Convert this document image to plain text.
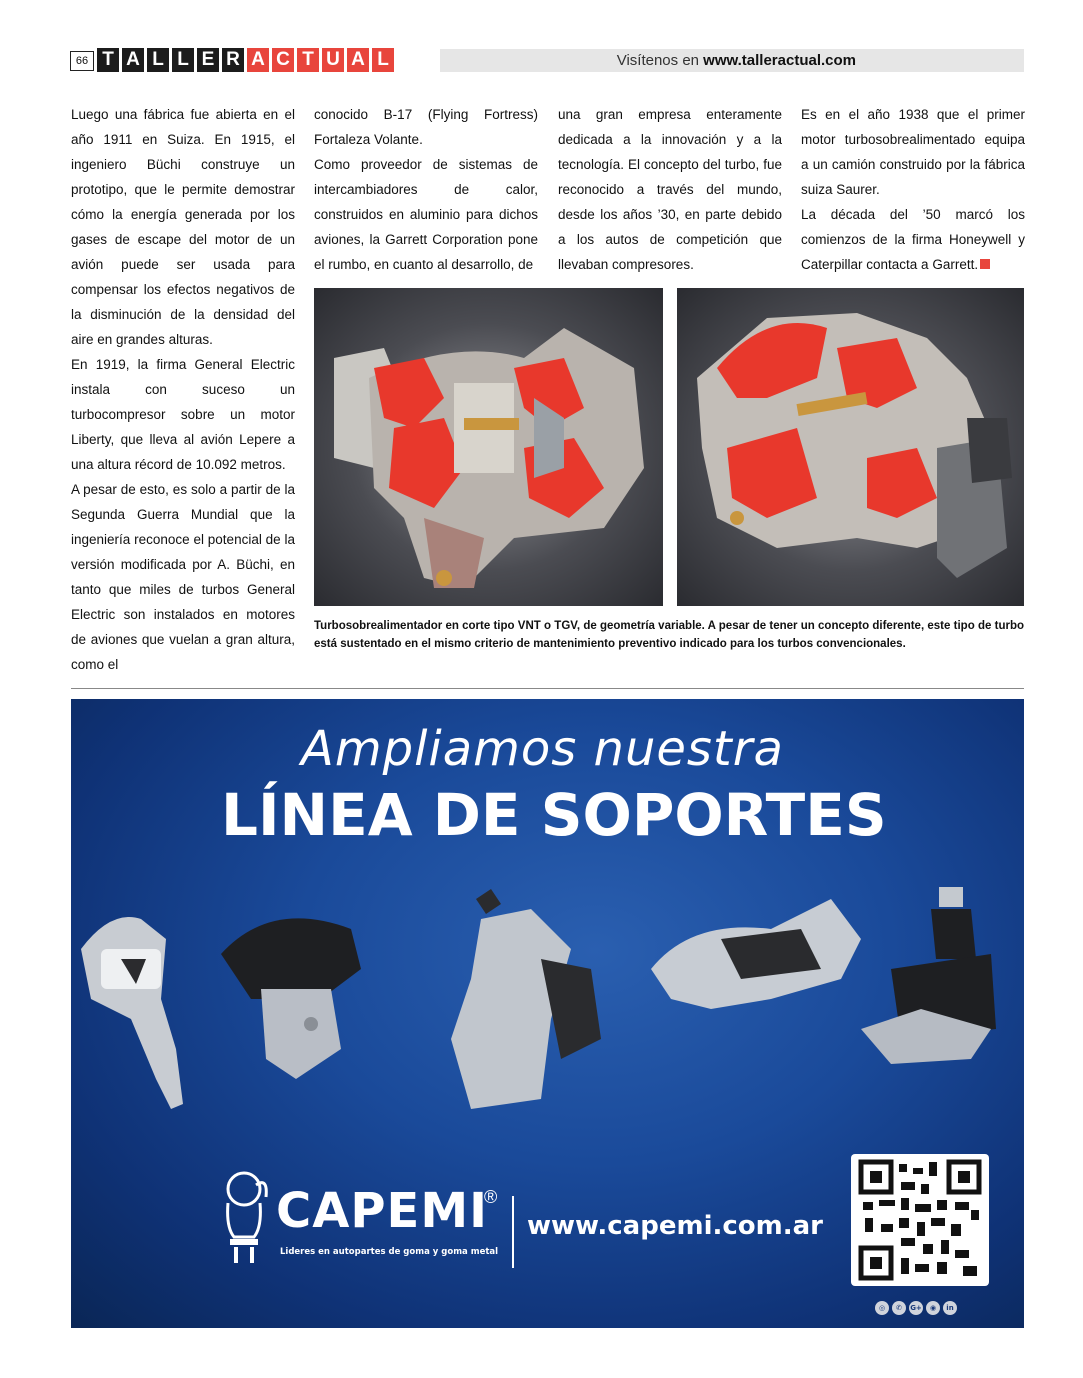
66 T A L L E R A C T U A L	Visítenos en www.talleractual.com

Luego una fábrica fue abierta en el año 1911 en Suiza. En 1915, el ingeniero Büchi construye un prototipo, que le permite demostrar cómo la energía generada por los gases de escape del motor de un avión puede ser usada para compensar los efectos negativos de la disminución de la densidad del aire en grandes alturas.

En 1919, la firma General Electric instala con suceso un turbocompresor sobre un motor Liberty, que lleva al avión Lepere a una altura récord de 10.092 metros.

A pesar de esto, es solo a partir de la Segunda Guerra Mundial que la ingeniería reconoce el potencial de la versión modificada por A. Büchi, en tanto que miles de turbos General Electric son instalados en motores de aviones que vuelan a gran altura, como el

conocido B-17 (Flying Fortress) Fortaleza Volante.

Como proveedor de sistemas de intercambiadores de calor, construidos en aluminio para dichos aviones, la Garrett Corporation pone el rumbo, en cuanto al desarrollo, de

una gran empresa enteramente dedicada a la innovación y a la tecnología. El concepto del turbo, fue reconocido a través del mundo, desde los años ’30, en parte debido a los autos de competición que llevaban compresores.

Es en el año 1938 que el primer motor turbosobrealimentado equipa a un camión construido por la fábrica suiza Saurer.

La década del ’50 marcó los comienzos de la firma Honeywell y Caterpillar contacta a Garrett.

Turbosobrealimentador en corte tipo VNT o TGV, de geometría variable. A pesar de tener un concepto diferente, este tipo de turbo está sustentado en el mismo criterio de mantenimiento preventivo indicado para los turbos convencionales.
Ampliamos nuestra
LÍNEA DE SOPORTES
CAPEMI
®
Lideres en autopartes de goma y goma metal
www.capemi.com.ar
◎	✆	G+	◉	in
